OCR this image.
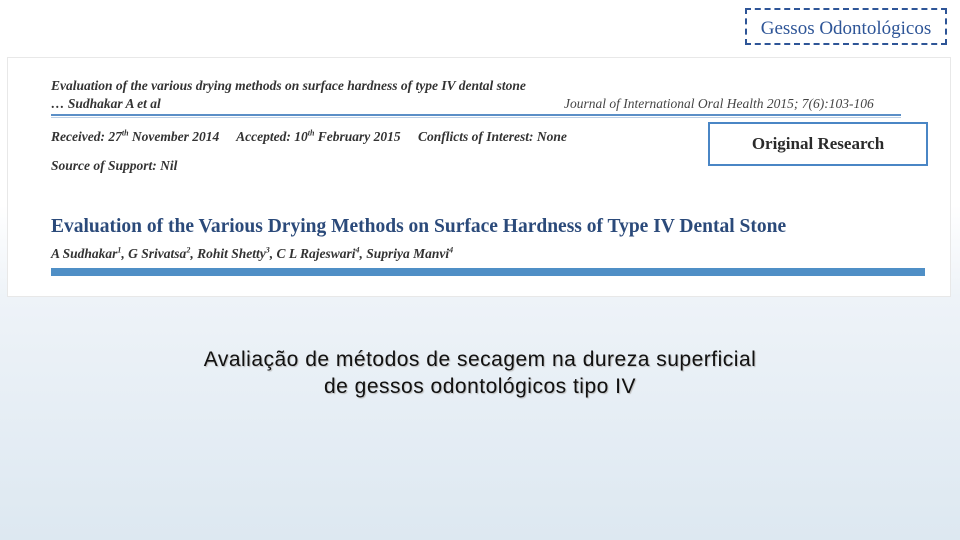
Gessos Odontológicos
Evaluation of the various drying methods on surface hardness of type IV dental stone
… Sudhakar A et al	Journal of International Oral Health 2015; 7(6):103-106
Received: 27th November 2014 Accepted: 10th February 2015 Conflicts of Interest: None
Source of Support: Nil
Original Research
Evaluation of the Various Drying Methods on Surface Hardness of Type IV Dental Stone
A Sudhakar$^1$, G Srivatsa$^2$, Rohit Shetty$^3$, C L Rajeswari$^4$, Supriya Manvi$^4$
Avaliação de métodos de secagem na dureza superficial
de gessos odontológicos tipo IV
